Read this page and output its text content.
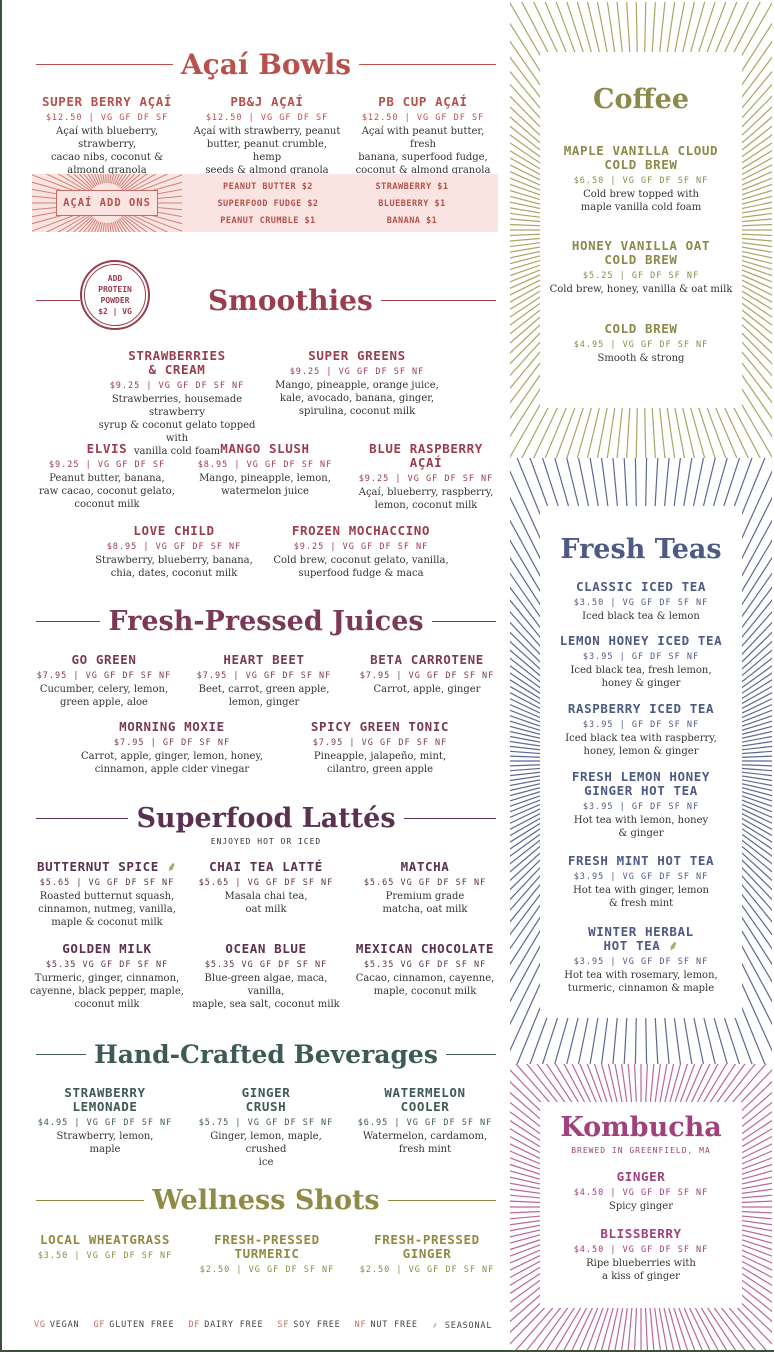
Açaí Bowls
SUPER BERRY AÇAÍ
$12.50 | VG GF DF SF
Açaí with blueberry, strawberry,
cacao nibs, coconut &
almond granola
PB&J AÇAÍ
$12.50 | VG GF DF SF
Açaí with strawberry, peanut
butter, peanut crumble, hemp
seeds & almond granola
PB CUP AÇAÍ
$12.50 | VG GF DF SF
Açaí with peanut butter, fresh
banana, superfood fudge,
coconut & almond granola
AÇAÍ ADD ONS
PEANUT BUTTER $2	STRAWBERRY $1
SUPERFOOD FUDGE $2	BLUEBERRY $1
PEANUT CRUMBLE $1	BANANA $1
ADD
PROTEIN
POWDER
$2 | VG	Smoothies
STRAWBERRIES
& CREAM
$9.25 | VG GF DF SF NF
Strawberries, housemade strawberry
syrup & coconut gelato topped with
vanilla cold foam
SUPER GREENS
$9.25 | VG GF DF SF NF
Mango, pineapple, orange juice,
kale, avocado, banana, ginger,
spirulina, coconut milk
ELVIS
$9.25 | VG GF DF SF
Peanut butter, banana,
raw cacao, coconut gelato,
coconut milk
MANGO SLUSH
$8.95 | VG GF DF SF NF
Mango, pineapple, lemon,
watermelon juice
BLUE RASPBERRY
AÇAÍ
$9.25 | VG GF DF SF NF
Açaí, blueberry, raspberry,
lemon, coconut milk
LOVE CHILD
$8.95 | VG GF DF SF NF
Strawberry, blueberry, banana,
chia, dates, coconut milk
FROZEN MOCHACCINO
$9.25 | VG GF DF SF NF
Cold brew, coconut gelato, vanilla,
superfood fudge & maca
Fresh-Pressed Juices
GO GREEN
$7.95 | VG GF DF SF NF
Cucumber, celery, lemon,
green apple, aloe
HEART BEET
$7.95 | VG GF DF SF NF
Beet, carrot, green apple,
lemon, ginger
BETA CARROTENE
$7.95 | VG GF DF SF NF
Carrot, apple, ginger
MORNING MOXIE
$7.95 | GF DF SF NF
Carrot, apple, ginger, lemon, honey,
cinnamon, apple cider vinegar
SPICY GREEN TONIC
$7.95 | VG GF DF SF NF
Pineapple, jalapeño, mint,
cilantro, green apple
Superfood Lattés
ENJOYED HOT OR ICED
BUTTERNUT SPICE ⸙
$5.65 | VG GF DF SF NF
Roasted butternut squash,
cinnamon, nutmeg, vanilla,
maple & coconut milk
CHAI TEA LATTÉ
$5.65 | VG GF DF SF NF
Masala chai tea,
oat milk
MATCHA
$5.65 VG GF DF SF NF
Premium grade
matcha, oat milk
GOLDEN MILK
$5.35 VG GF DF SF NF
Turmeric, ginger, cinnamon,
cayenne, black pepper, maple,
coconut milk
OCEAN BLUE
$5.35 VG GF DF SF NF
Blue-green algae, maca, vanilla,
maple, sea salt, coconut milk
MEXICAN CHOCOLATE
$5.35 VG GF DF SF NF
Cacao, cinnamon, cayenne,
maple, coconut milk
Hand-Crafted Beverages
STRAWBERRY
LEMONADE
$4.95 | VG GF DF SF NF
Strawberry, lemon,
maple
GINGER
CRUSH
$5.75 | VG GF DF SF NF
Ginger, lemon, maple, crushed
ice
WATERMELON
COOLER
$6.95 | VG GF DF SF NF
Watermelon, cardamom,
fresh mint
Wellness Shots
LOCAL WHEATGRASS
$3.50 | VG GF DF SF NF
FRESH-PRESSED
TURMERIC
$2.50 | VG GF DF SF NF
FRESH-PRESSED
GINGER
$2.50 | VG GF DF SF NF
VG VEGAN GF GLUTEN FREE DF DAIRY FREE SF SOY FREE NF NUT FREE ⸙ SEASONAL
Coffee
MAPLE VANILLA CLOUD
COLD BREW
$6.50 | VG GF DF SF NF
Cold brew topped with
maple vanilla cold foam
HONEY VANILLA OAT
COLD BREW
$5.25 | GF DF SF NF
Cold brew, honey, vanilla & oat milk
COLD BREW
$4.95 | VG GF DF SF NF
Smooth & strong
Fresh Teas
CLASSIC ICED TEA
$3.50 | VG GF DF SF NF
Iced black tea & lemon
LEMON HONEY ICED TEA
$3.95 | GF DF SF NF
Iced black tea, fresh lemon,
honey & ginger
RASPBERRY ICED TEA
$3.95 | GF DF SF NF
Iced black tea with raspberry,
honey, lemon & ginger
FRESH LEMON HONEY
GINGER HOT TEA
$3.95 | GF DF SF NF
Hot tea with lemon, honey
& ginger
FRESH MINT HOT TEA
$3.95 | VG GF DF SF NF
Hot tea with ginger, lemon
& fresh mint
WINTER HERBAL
HOT TEA ⸙
$3.95 | VG GF DF SF NF
Hot tea with rosemary, lemon,
turmeric, cinnamon & maple
Kombucha
BREWED IN GREENFIELD, MA
GINGER
$4.50 | VG GF DF SF NF
Spicy ginger
BLISSBERRY
$4.50 | VG GF DF SF NF
Ripe blueberries with
a kiss of ginger
